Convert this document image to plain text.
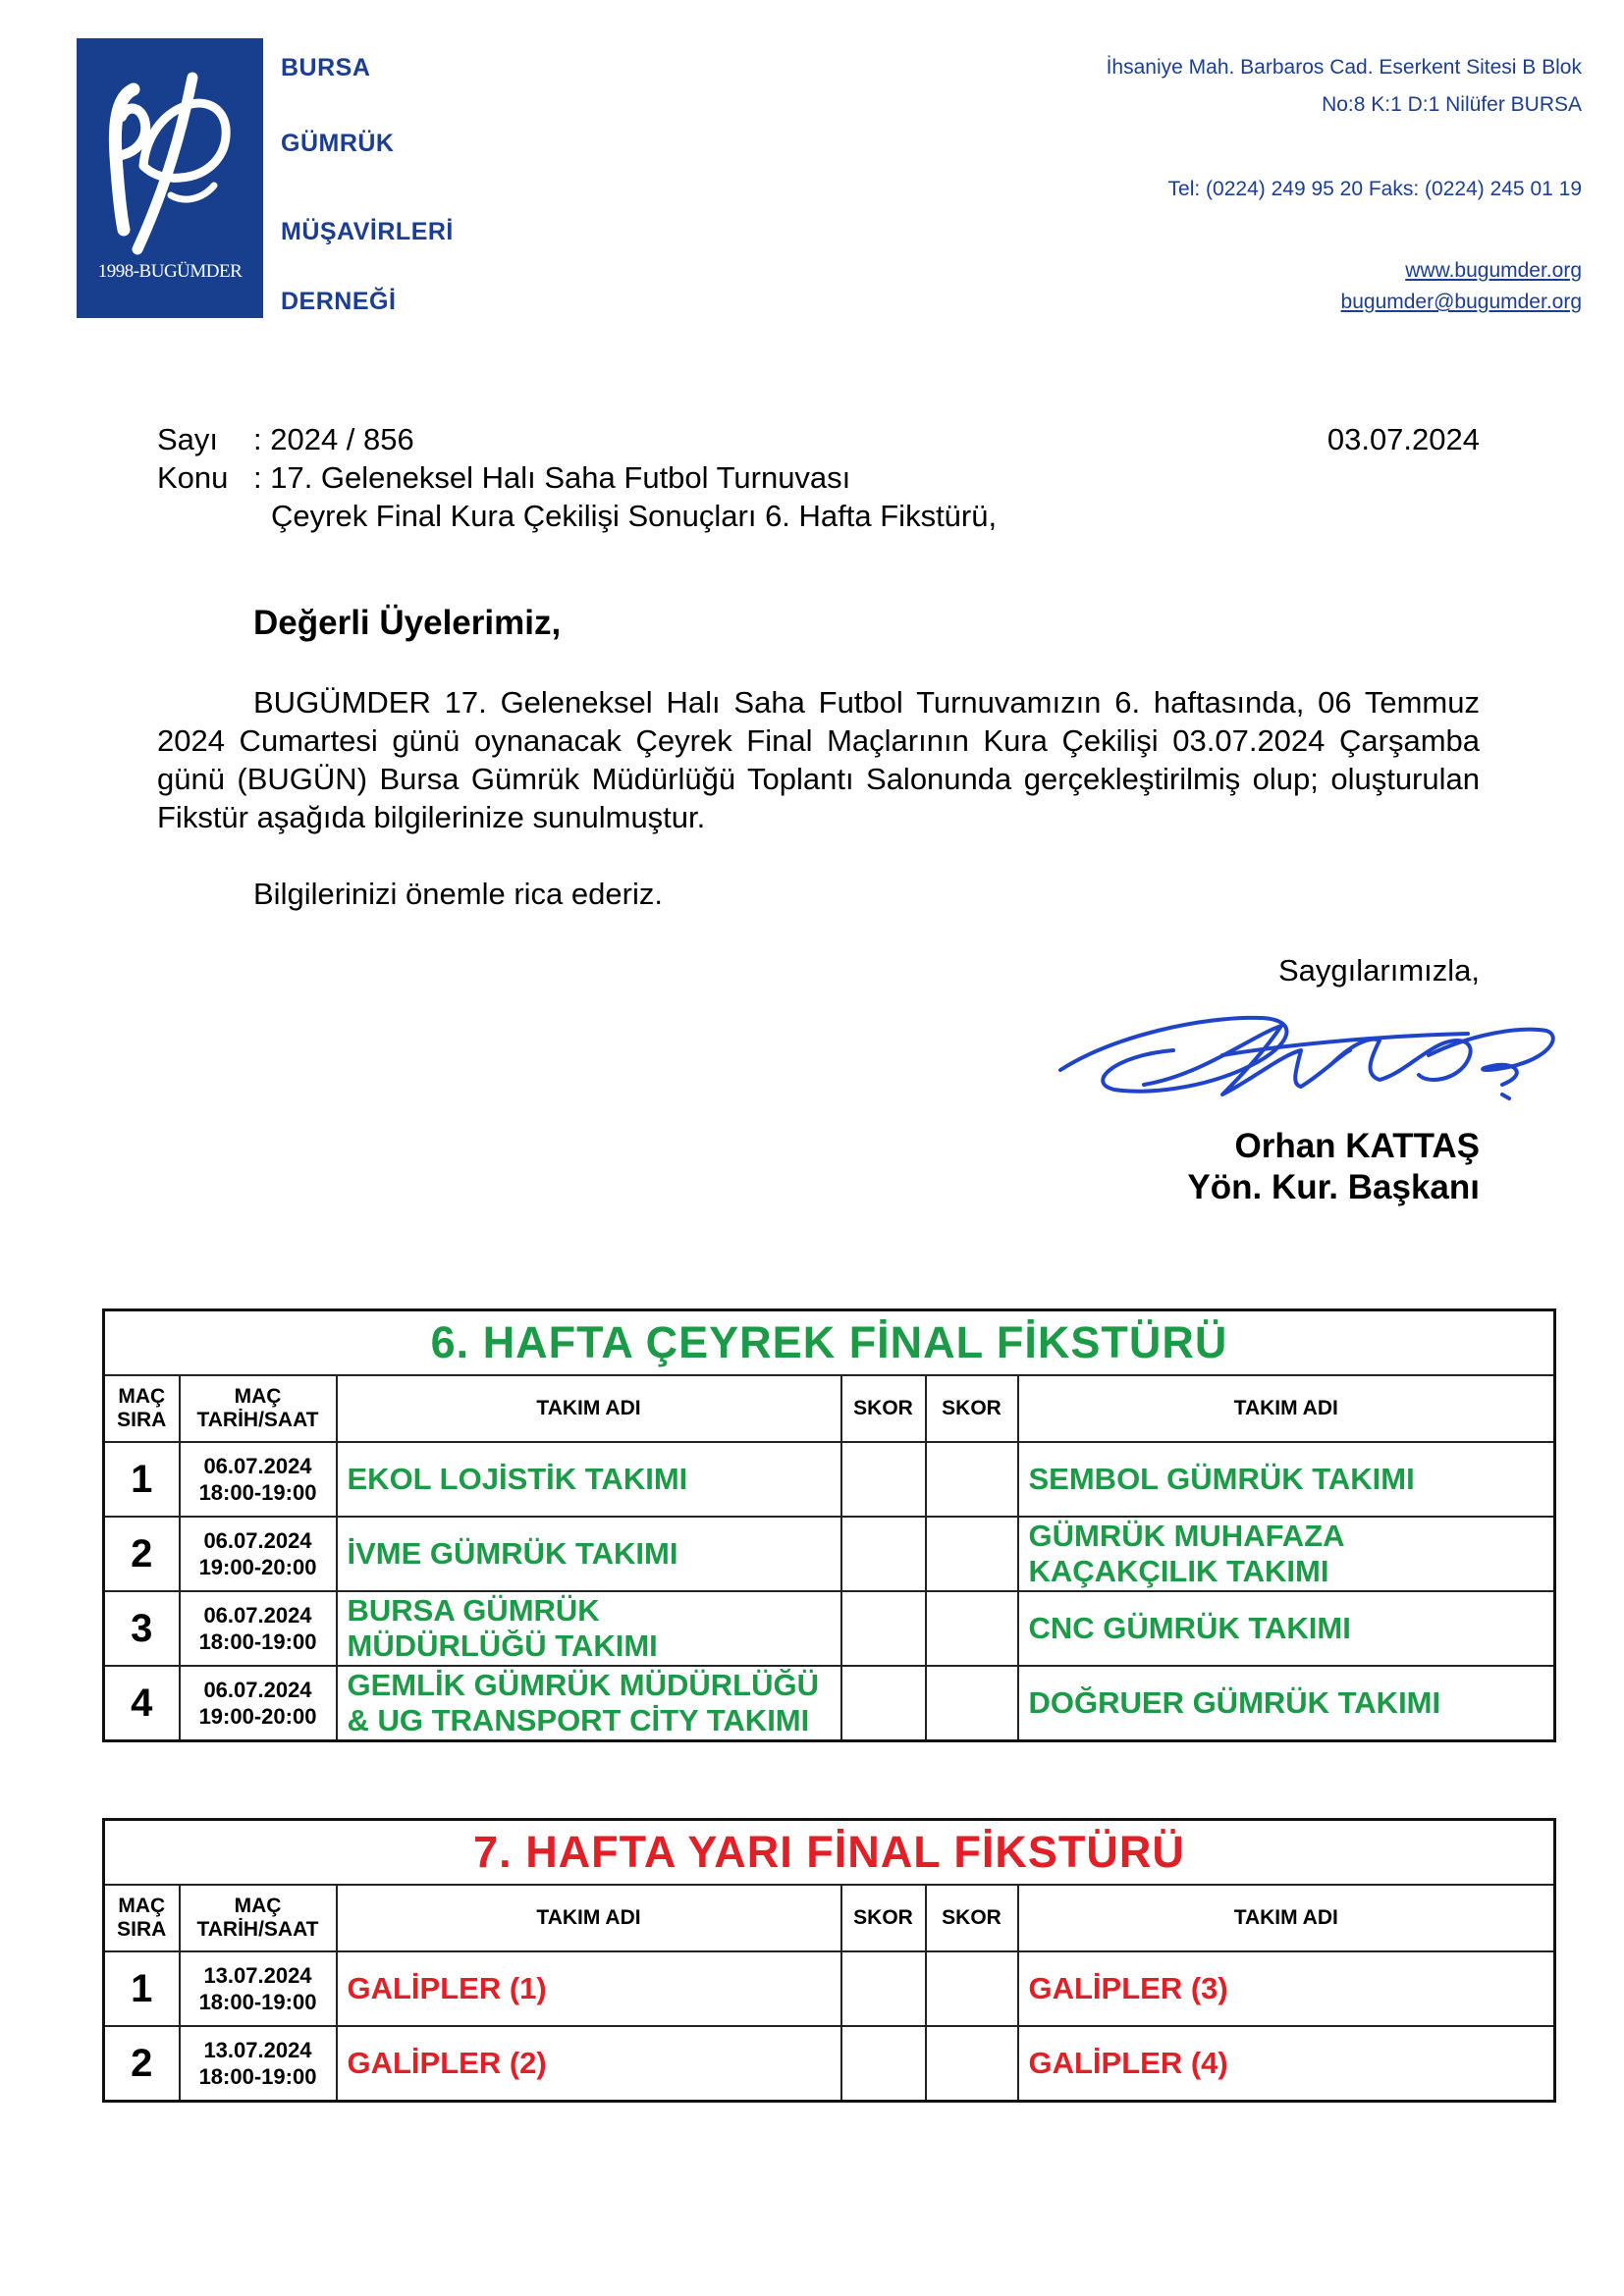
1998-BUGÜMDER
BURSA
GÜMRÜK
MÜŞAVİRLERİ
DERNEĞİ
İhsaniye Mah. Barbaros Cad. Eserkent Sitesi B Blok
No:8 K:1 D:1 Nilüfer BURSA
Tel: (0224) 249 95 20 Faks: (0224) 245 01 19
www.bugumder.org
bugumder@bugumder.org
Sayı : 2024 / 856	03.07.2024
Konu : 17. Geleneksel Halı Saha Futbol Turnuvası
Çeyrek Final Kura Çekilişi Sonuçları 6. Hafta Fikstürü,
Değerli Üyelerimiz,
BUGÜMDER 17. Geleneksel Halı Saha Futbol Turnuvamızın 6. haftasında, 06 Temmuz 2024 Cumartesi günü oynanacak Çeyrek Final Maçlarının Kura Çekilişi 03.07.2024 Çarşamba günü (BUGÜN) Bursa Gümrük Müdürlüğü Toplantı Salonunda gerçekleştirilmiş olup; oluşturulan Fikstür aşağıda bilgilerinize sunulmuştur.
Bilgilerinizi önemle rica ederiz.
Saygılarımızla,
Orhan KATTAŞ
Yön. Kur. Başkanı
6. HAFTA ÇEYREK FİNAL FİKSTÜRÜ					
MAÇ
SIRA	MAÇ
TARİH/SAAT	TAKIM ADI	SKOR	SKOR	TAKIM ADI
1	06.07.2024
18:00-19:00	EKOL LOJİSTİK TAKIMI			SEMBOL GÜMRÜK TAKIMI
2	06.07.2024
19:00-20:00	İVME GÜMRÜK TAKIMI			GÜMRÜK MUHAFAZA
KAÇAKÇILIK TAKIMI
3	06.07.2024
18:00-19:00	BURSA GÜMRÜK
MÜDÜRLÜĞÜ TAKIMI			CNC GÜMRÜK TAKIMI
4	06.07.2024
19:00-20:00	GEMLİK GÜMRÜK MÜDÜRLÜĞÜ
& UG TRANSPORT CİTY TAKIMI			DOĞRUER GÜMRÜK TAKIMI
7. HAFTA YARI FİNAL FİKSTÜRÜ					
MAÇ
SIRA	MAÇ
TARİH/SAAT	TAKIM ADI	SKOR	SKOR	TAKIM ADI
1	13.07.2024
18:00-19:00	GALİPLER (1)			GALİPLER (3)
2	13.07.2024
18:00-19:00	GALİPLER (2)			GALİPLER (4)
